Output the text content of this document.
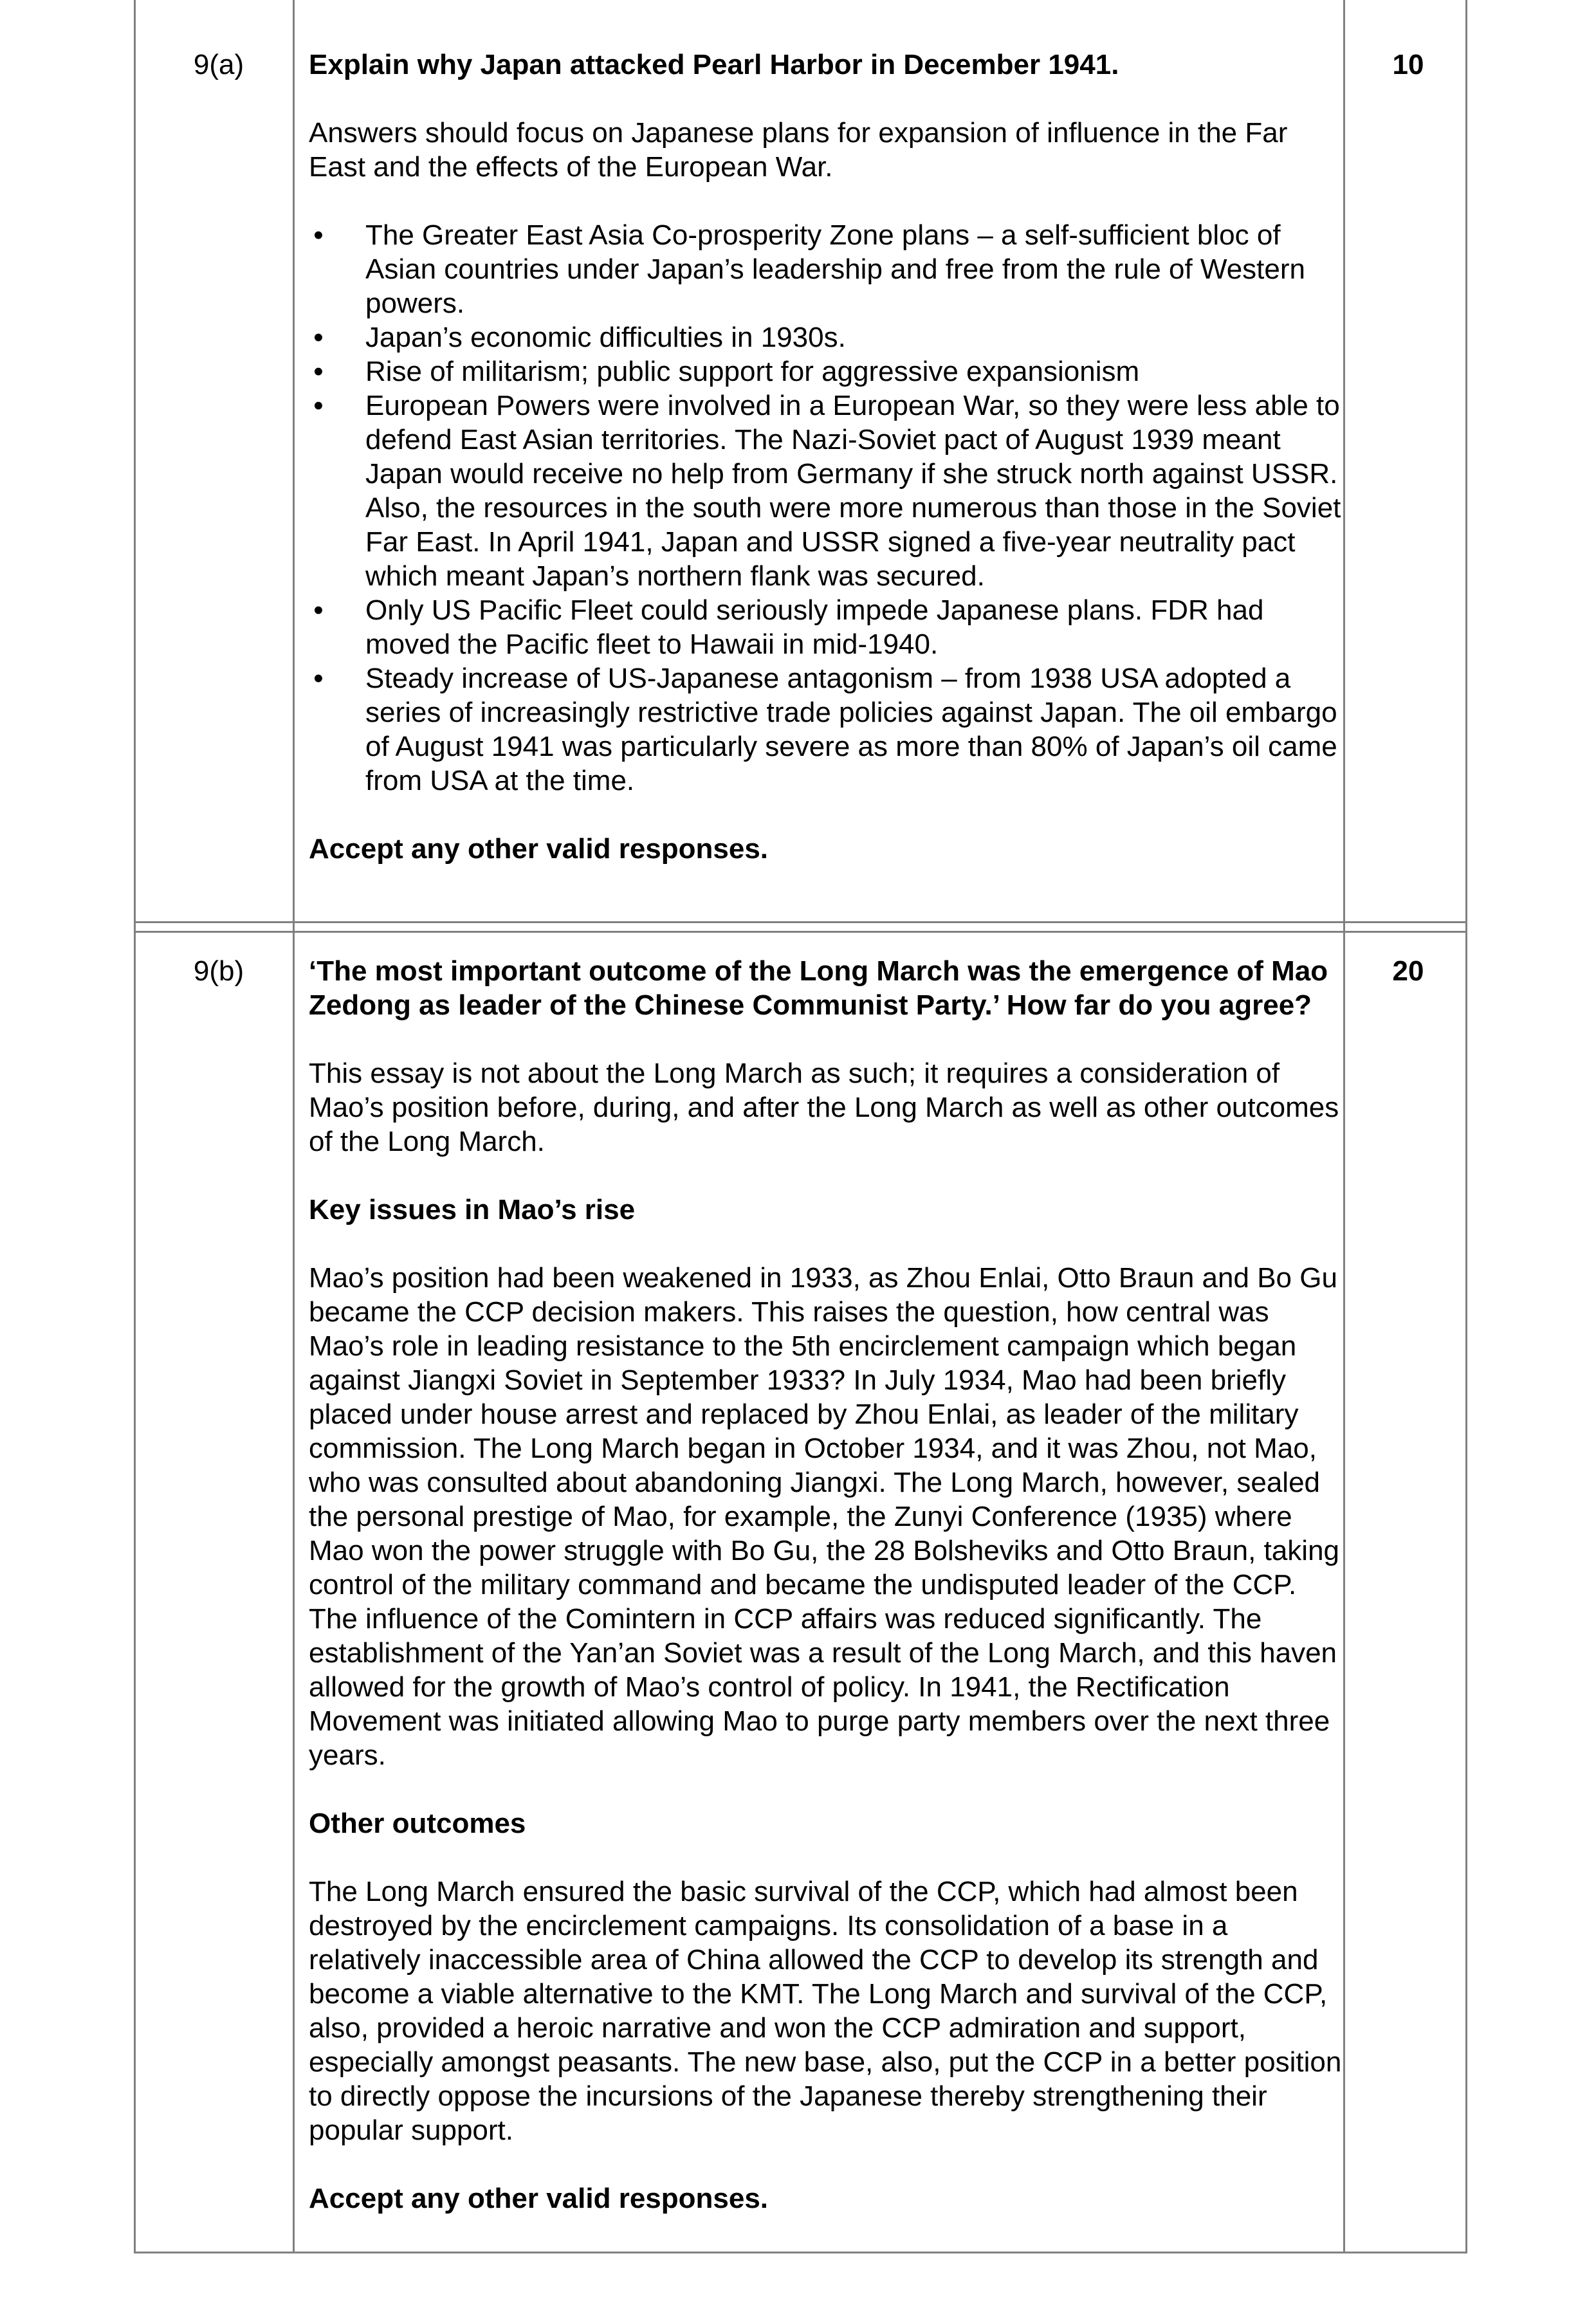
9(a)	10

Explain why Japan attacked Pearl Harbor in December 1941.

Answers should focus on Japanese plans for expansion of influence in the Far East and the effects of the European War.

• The Greater East Asia Co-prosperity Zone plans – a self-sufficient bloc of Asian countries under Japan’s leadership and free from the rule of Western powers.
• Japan’s economic difficulties in 1930s.
• Rise of militarism; public support for aggressive expansionism
• European Powers were involved in a European War, so they were less able to defend East Asian territories. The Nazi-Soviet pact of August 1939 meant Japan would receive no help from Germany if she struck north against USSR. Also, the resources in the south were more numerous than those in the Soviet Far East. In April 1941, Japan and USSR signed a five-year neutrality pact which meant Japan’s northern flank was secured.
• Only US Pacific Fleet could seriously impede Japanese plans. FDR had moved the Pacific fleet to Hawaii in mid-1940.
• Steady increase of US-Japanese antagonism – from 1938 USA adopted a series of increasingly restrictive trade policies against Japan. The oil embargo of August 1941 was particularly severe as more than 80% of Japan’s oil came from USA at the time.

Accept any other valid responses.

9(b)	20

‘The most important outcome of the Long March was the emergence of Mao Zedong as leader of the Chinese Communist Party.’ How far do you agree?

This essay is not about the Long March as such; it requires a consideration of Mao’s position before, during, and after the Long March as well as other outcomes of the Long March.

Key issues in Mao’s rise

Mao’s position had been weakened in 1933, as Zhou Enlai, Otto Braun and Bo Gu became the CCP decision makers. This raises the question, how central was Mao’s role in leading resistance to the 5th encirclement campaign which began against Jiangxi Soviet in September 1933? In July 1934, Mao had been briefly placed under house arrest and replaced by Zhou Enlai, as leader of the military commission. The Long March began in October 1934, and it was Zhou, not Mao, who was consulted about abandoning Jiangxi. The Long March, however, sealed the personal prestige of Mao, for example, the Zunyi Conference (1935) where Mao won the power struggle with Bo Gu, the 28 Bolsheviks and Otto Braun, taking control of the military command and became the undisputed leader of the CCP. The influence of the Comintern in CCP affairs was reduced significantly. The establishment of the Yan’an Soviet was a result of the Long March, and this haven allowed for the growth of Mao’s control of policy. In 1941, the Rectification Movement was initiated allowing Mao to purge party members over the next three years.

Other outcomes

The Long March ensured the basic survival of the CCP, which had almost been destroyed by the encirclement campaigns. Its consolidation of a base in a relatively inaccessible area of China allowed the CCP to develop its strength and become a viable alternative to the KMT. The Long March and survival of the CCP, also, provided a heroic narrative and won the CCP admiration and support, especially amongst peasants. The new base, also, put the CCP in a better position to directly oppose the incursions of the Japanese thereby strengthening their popular support.

Accept any other valid responses.
